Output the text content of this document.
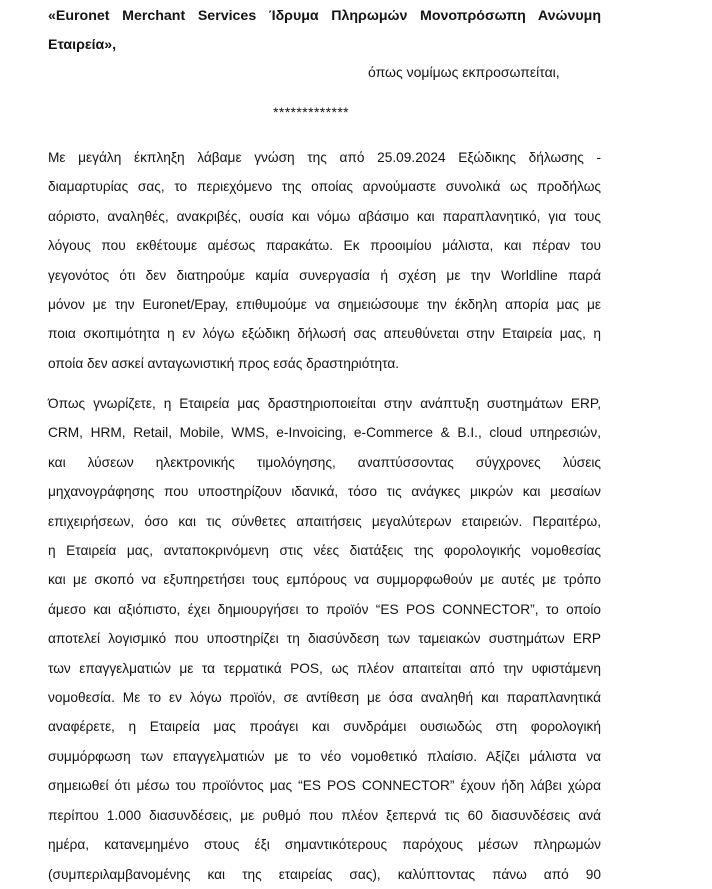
«Euronet Merchant Services Ίδρυμα Πληρωμών Μονοπρόσωπη Ανώνυμη Εταιρεία»,
όπως νομίμως εκπροσωπείται,
*************
Με μεγάλη έκπληξη λάβαμε γνώση της από 25.09.2024 Εξώδικης δήλωσης -
διαμαρτυρίας σας, το περιεχόμενο της οποίας αρνούμαστε συνολικά ως προδήλως
αόριστο, αναληθές, ανακριβές, ουσία και νόμω αβάσιμο και παραπλανητικό, για τους
λόγους που εκθέτουμε αμέσως παρακάτω. Εκ προοιμίου μάλιστα, και πέραν του
γεγονότος ότι δεν διατηρούμε καμία συνεργασία ή σχέση με την Worldline παρά
μόνον με την Euronet/Epay, επιθυμούμε να σημειώσουμε την έκδηλη απορία μας με
ποια σκοπιμότητα η εν λόγω εξώδικη δήλωσή σας απευθύνεται στην Εταιρεία μας, η
οποία δεν ασκεί ανταγωνιστική προς εσάς δραστηριότητα.
Όπως γνωρίζετε, η Εταιρεία μας δραστηριοποιείται στην ανάπτυξη συστημάτων ERP,
CRM, HRM, Retail, Mobile, WMS, e-Invoicing, e-Commerce & B.I., cloud υπηρεσιών,
και λύσεων ηλεκτρονικής τιμολόγησης, αναπτύσσοντας σύγχρονες λύσεις
μηχανογράφησης που υποστηρίζουν ιδανικά, τόσο τις ανάγκες μικρών και μεσαίων
επιχειρήσεων, όσο και τις σύνθετες απαιτήσεις μεγαλύτερων εταιρειών. Περαιτέρω,
η Εταιρεία μας, ανταποκρινόμενη στις νέες διατάξεις της φορολογικής νομοθεσίας
και με σκοπό να εξυπηρετήσει τους εμπόρους να συμμορφωθούν με αυτές με τρόπο
άμεσο και αξιόπιστο, έχει δημιουργήσει το προϊόν “ES POS CONNECTOR”, το οποίο
αποτελεί λογισμικό που υποστηρίζει τη διασύνδεση των ταμειακών συστημάτων ERP
των επαγγελματιών με τα τερματικά POS, ως πλέον απαιτείται από την υφιστάμενη
νομοθεσία. Με το εν λόγω προϊόν, σε αντίθεση με όσα αναληθή και παραπλανητικά
αναφέρετε, η Εταιρεία μας προάγει και συνδράμει ουσιωδώς στη φορολογική
συμμόρφωση των επαγγελματιών με το νέο νομοθετικό πλαίσιο. Αξίζει μάλιστα να
σημειωθεί ότι μέσω του προϊόντος μας “ES POS CONNECTOR” έχουν ήδη λάβει χώρα
περίπου 1.000 διασυνδέσεις, με ρυθμό που πλέον ξεπερνά τις 60 διασυνδέσεις ανά
ημέρα, κατανεμημένο στους έξι σημαντικότερους παρόχους μέσων πληρωμών
(συμπεριλαμβανομένης και της εταιρείας σας), καλύπτοντας πάνω από 90
